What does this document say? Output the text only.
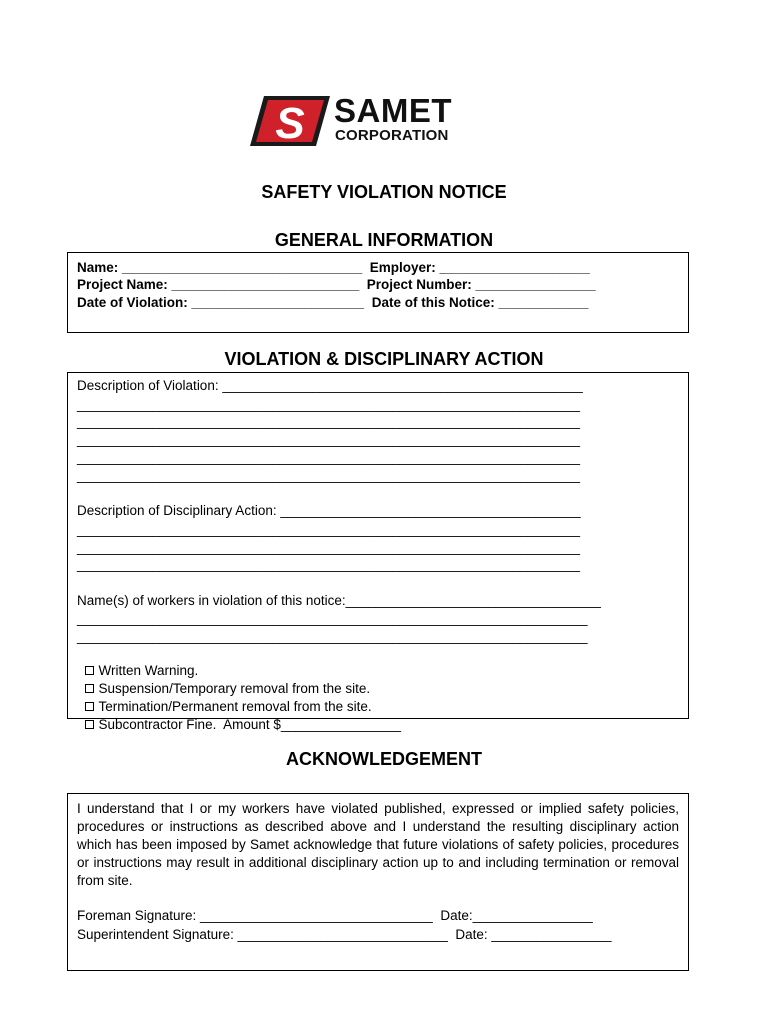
S SAMET
CORPORATION
SAFETY VIOLATION NOTICE
GENERAL INFORMATION
Name: ________________________________  Employer: ____________________
Project Name: _________________________  Project Number: ________________
Date of Violation: _______________________  Date of this Notice: ____________
VIOLATION & DISCIPLINARY ACTION
Description of Violation: ________________________________________________
___________________________________________________________________
___________________________________________________________________
___________________________________________________________________
___________________________________________________________________
___________________________________________________________________
Description of Disciplinary Action: ________________________________________
___________________________________________________________________
___________________________________________________________________
___________________________________________________________________
Name(s) of workers in violation of this notice:__________________________________
____________________________________________________________________
____________________________________________________________________

Written Warning.

Suspension/Temporary removal from the site.

Termination/Permanent removal from the site.

Subcontractor Fine.  Amount $________________

ACKNOWLEDGEMENT
I understand that I or my workers have violated published, expressed or implied safety policies, procedures or instructions as described above and I understand the resulting disciplinary action which has been imposed by Samet acknowledge that future violations of safety policies, procedures or instructions may result in additional disciplinary action up to and including termination or removal from site.
Foreman Signature: _______________________________  Date:________________
Superintendent Signature: ____________________________  Date: ________________
